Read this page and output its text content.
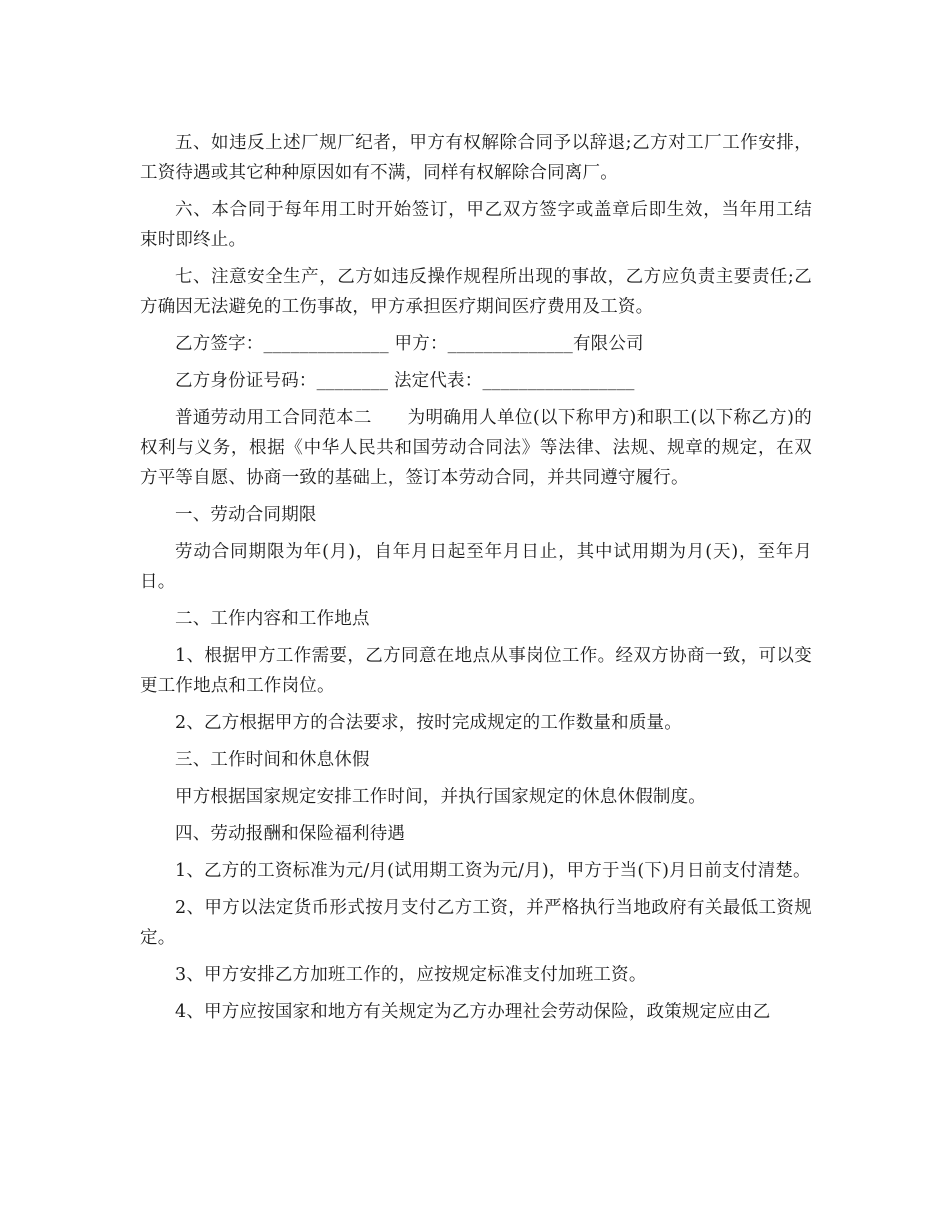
五、如违反上述厂规厂纪者，甲方有权解除合同予以辞退;乙方对工厂工作安排，工资待遇或其它种种原因如有不满，同样有权解除合同离厂。

六、本合同于每年用工时开始签订，甲乙双方签字或盖章后即生效，当年用工结束时即终止。

七、注意安全生产，乙方如违反操作规程所出现的事故，乙方应负责主要责任;乙方确因无法避免的工伤事故，甲方承担医疗期间医疗费用及工资。

乙方签字：______________ 甲方：______________有限公司

乙方身份证号码：________ 法定代表：_________________

普通劳动用工合同范本二　　为明确用人单位(以下称甲方)和职工(以下称乙方)的权利与义务，根据《中华人民共和国劳动合同法》等法律、法规、规章的规定，在双方平等自愿、协商一致的基础上，签订本劳动合同，并共同遵守履行。

一、劳动合同期限

劳动合同期限为年(月)，自年月日起至年月日止，其中试用期为月(天)，至年月日。

二、工作内容和工作地点

1、根据甲方工作需要，乙方同意在地点从事岗位工作。经双方协商一致，可以变更工作地点和工作岗位。

2、乙方根据甲方的合法要求，按时完成规定的工作数量和质量。

三、工作时间和休息休假

甲方根据国家规定安排工作时间，并执行国家规定的休息休假制度。

四、劳动报酬和保险福利待遇

1、乙方的工资标准为元/月(试用期工资为元/月)，甲方于当(下)月日前支付清楚。

2、甲方以法定货币形式按月支付乙方工资，并严格执行当地政府有关最低工资规定。

3、甲方安排乙方加班工作的，应按规定标准支付加班工资。

4、甲方应按国家和地方有关规定为乙方办理社会劳动保险，政策规定应由乙
